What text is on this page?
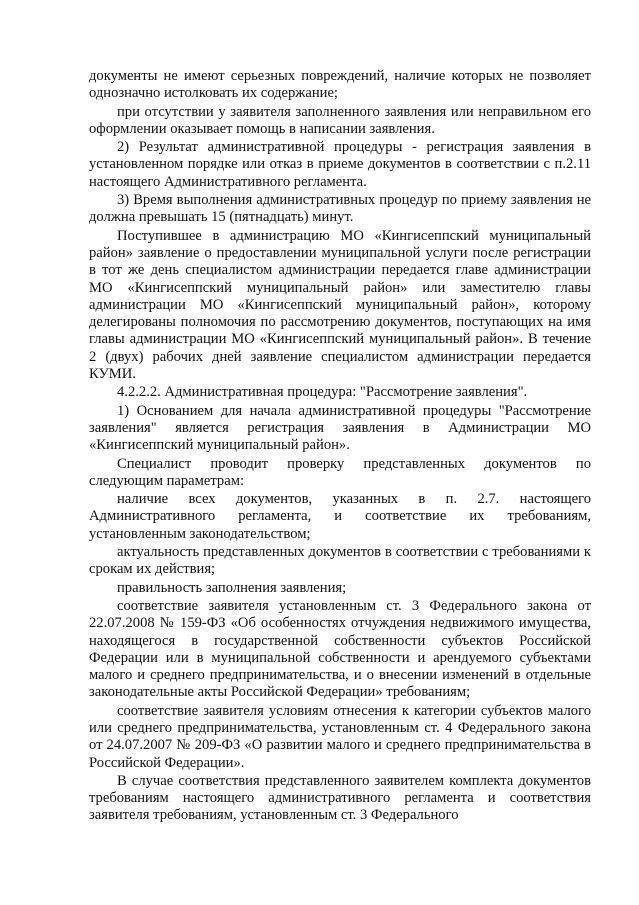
документы не имеют серьезных повреждений, наличие которых не позволяет однозначно истолковать их содержание;

при отсутствии у заявителя заполненного заявления или неправильном его оформлении оказывает помощь в написании заявления.

2) Результат административной процедуры - регистрация заявления в установленном порядке или отказ в приеме документов в соответствии с п.2.11 настоящего Административного регламента.

3) Время выполнения административных процедур по приему заявления не должна превышать 15 (пятнадцать) минут.

Поступившее в администрацию МО «Кингисеппский муниципальный район» заявление о предоставлении муниципальной услуги после регистрации в тот же день специалистом администрации передается главе администрации МО «Кингисеппский муниципальный район» или заместителю главы администрации МО «Кингисеппский муниципальный район», которому делегированы полномочия по рассмотрению документов, поступающих на имя главы администрации МО «Кингисеппский муниципальный район». В течение 2 (двух) рабочих дней заявление специалистом администрации передается КУМИ.

4.2.2.2. Административная процедура: "Рассмотрение заявления".

1) Основанием для начала административной процедуры "Рассмотрение заявления" является регистрация заявления в Администрации МО «Кингисеппский муниципальный район».

Специалист проводит проверку представленных документов по следующим параметрам:

наличие всех документов, указанных в п. 2.7. настоящего Административного регламента, и соответствие их требованиям, установленным законодательством;

актуальность представленных документов в соответствии с требованиями к срокам их действия;

правильность заполнения заявления;

соответствие заявителя установленным ст. 3 Федерального закона от 22.07.2008 № 159-ФЗ «Об особенностях отчуждения недвижимого имущества, находящегося в государственной собственности субъектов Российской Федерации или в муниципальной собственности и арендуемого субъектами малого и среднего предпринимательства, и о внесении изменений в отдельные законодательные акты Российской Федерации» требованиям;

соответствие заявителя условиям отнесения к категории субъектов малого или среднего предпринимательства, установленным ст. 4 Федерального закона от 24.07.2007 № 209-ФЗ «О развитии малого и среднего предпринимательства в Российской Федерации».

В случае соответствия представленного заявителем комплекта документов требованиям настоящего административного регламента и соответствия заявителя требованиям, установленным ст. 3 Федерального
